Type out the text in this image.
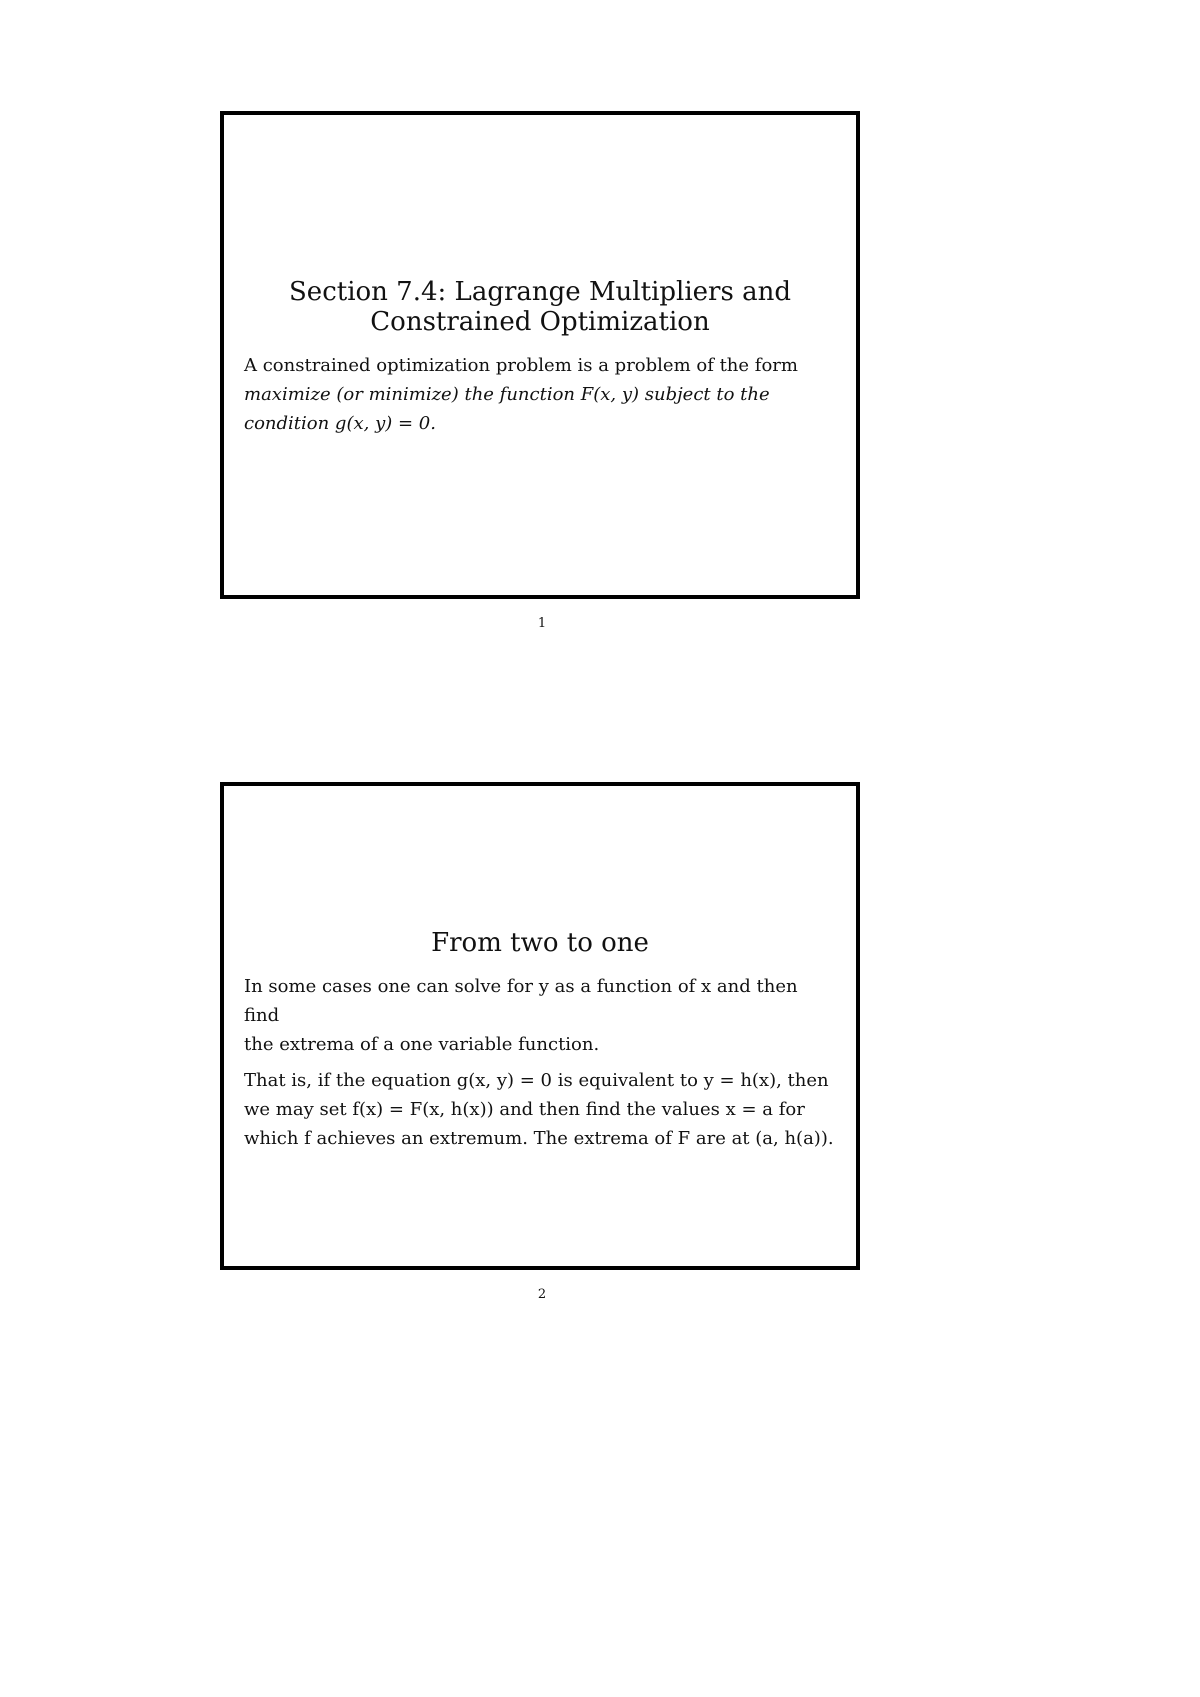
Section 7.4: Lagrange Multipliers and
Constrained Optimization

A constrained optimization problem is a problem of the form
maximize (or minimize) the function F(x, y) subject to the
condition g(x, y) = 0.

1
From two to one

In some cases one can solve for y as a function of x and then find
the extrema of a one variable function.

That is, if the equation g(x, y) = 0 is equivalent to y = h(x), then
we may set f(x) = F(x, h(x)) and then find the values x = a for
which f achieves an extremum. The extrema of F are at (a, h(a)).

2
